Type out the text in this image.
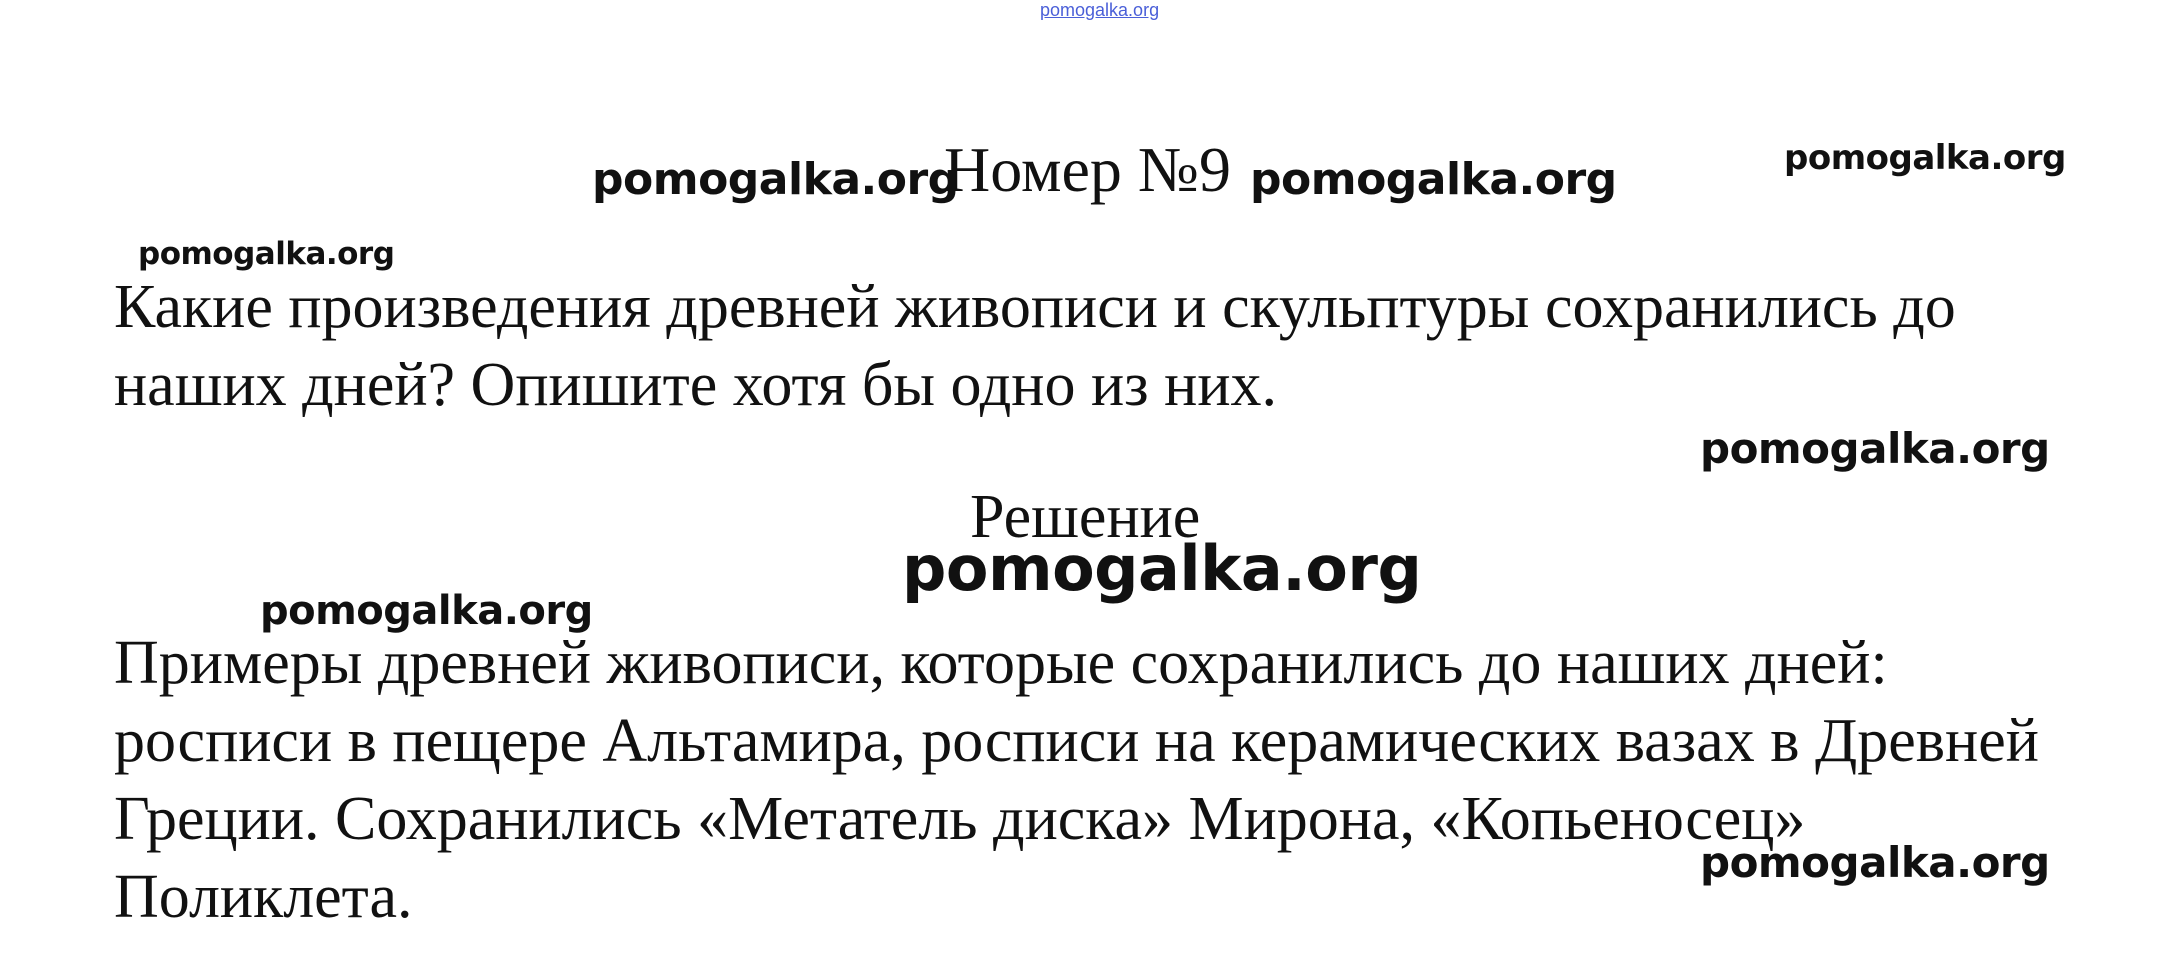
pomogalka.org
Номер №9

Какие произведения древней живописи и скульптуры сохранились до наших дней? Опишите хотя бы одно из них.

Решение

Примеры древней живописи, которые сохранились до наших дней: росписи в пещере Альтамира, росписи на керамических вазах в Древней Греции. Сохранились «Метатель диска» Мирона, «Копьеносец» Поликлета.

pomogalka.org	pomogalka.org	pomogalka.org
pomogalka.org
pomogalka.org
pomogalka.org
pomogalka.org
pomogalka.org
